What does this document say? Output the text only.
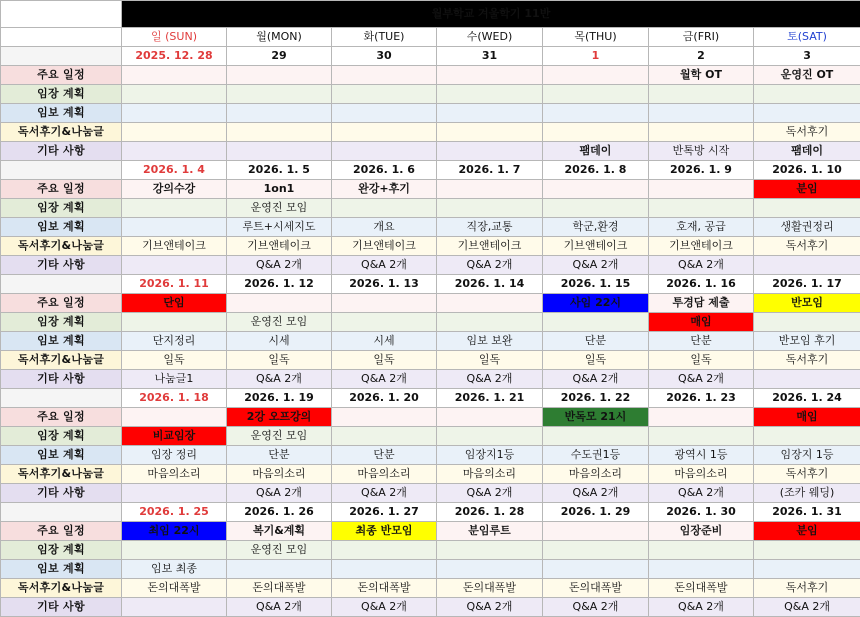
	월부학교 겨울학기 11반						
	일 (SUN)	월(MON)	화(TUE)	수(WED)	목(THU)	금(FRI)	토(SAT)
	2025. 12. 28	29	30	31	1	2	3
주요 일정						월학 OT	운영진 OT
임장 계획							
임보 계획							
독서후기&나눔글							독서후기
기타 사항					팸데이	반톡방 시작	팸데이
	2026. 1. 4	2026. 1. 5	2026. 1. 6	2026. 1. 7	2026. 1. 8	2026. 1. 9	2026. 1. 10
주요 일정	강의수강	1on1	완강+후기				분임
임장 계획		운영진 모임					
임보 계획		루트+시세지도	개요	직장,교통	학군,환경	호재, 공급	생활권정리
독서후기&나눔글	기브앤테이크	기브앤테이크	기브앤테이크	기브앤테이크	기브앤테이크	기브앤테이크	독서후기
기타 사항		Q&A 2개	Q&A 2개	Q&A 2개	Q&A 2개	Q&A 2개	
	2026. 1. 11	2026. 1. 12	2026. 1. 13	2026. 1. 14	2026. 1. 15	2026. 1. 16	2026. 1. 17
주요 일정	단임				사임 22시	투경담 제출	반모임
임장 계획		운영진 모임				매임	
임보 계획	단지정리	시세	시세	임보 보완	단분	단분	반모임 후기
독서후기&나눔글	일독	일독	일독	일독	일독	일독	독서후기
기타 사항	나눔글1	Q&A 2개	Q&A 2개	Q&A 2개	Q&A 2개	Q&A 2개	
	2026. 1. 18	2026. 1. 19	2026. 1. 20	2026. 1. 21	2026. 1. 22	2026. 1. 23	2026. 1. 24
주요 일정		2강 오프강의			반독모 21시		매임
임장 계획	비교임장	운영진 모임					
임보 계획	임장 정리	단분	단분	임장지1등	수도권1등	광역시 1등	임장지 1등
독서후기&나눔글	마음의소리	마음의소리	마음의소리	마음의소리	마음의소리	마음의소리	독서후기
기타 사항		Q&A 2개	Q&A 2개	Q&A 2개	Q&A 2개	Q&A 2개	(조카 웨딩)
	2026. 1. 25	2026. 1. 26	2026. 1. 27	2026. 1. 28	2026. 1. 29	2026. 1. 30	2026. 1. 31
주요 일정	최임 22시	복기&계획	최종 반모임	분임루트		임장준비	분임
임장 계획		운영진 모임					
임보 계획	임보 최종						
독서후기&나눔글	돈의대폭발	돈의대폭발	돈의대폭발	돈의대폭발	돈의대폭발	돈의대폭발	독서후기
기타 사항		Q&A 2개	Q&A 2개	Q&A 2개	Q&A 2개	Q&A 2개	Q&A 2개
